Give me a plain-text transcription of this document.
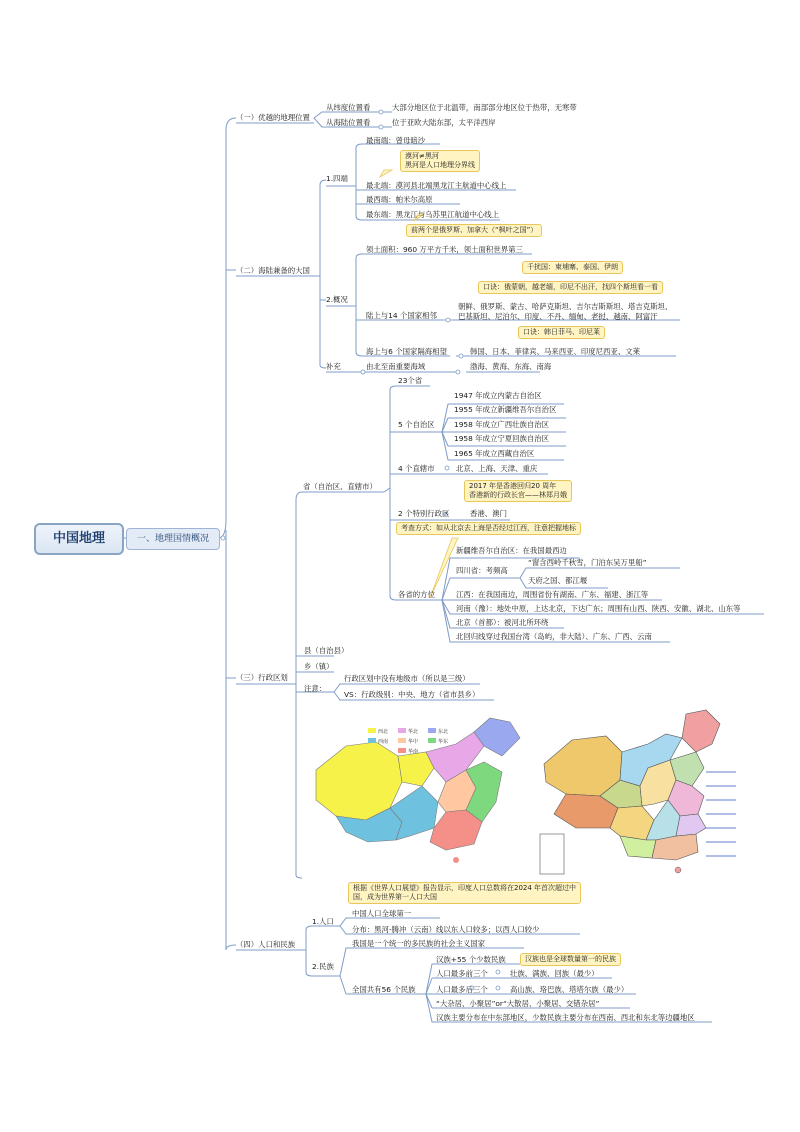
中国地理	一、地理国情概况
（一）优越的地理位置
从纬度位置看	大部分地区位于北温带，南部部分地区位于热带，无寒带
从海陆位置看	位于亚欧大陆东部，太平洋西岸
（二）海陆兼备的大国
1.四端
最南端：曾母暗沙
漠河≠黑河
黑河是人口地理分界线
最北端：漠河县北端黑龙江主航道中心线上
最西端：帕米尔高原
最东端：黑龙江与乌苏里江航道中心线上
前两个是俄罗斯、加拿大（“枫叶之国”）
2.概况
领土面积：960 万平方千米，领土面积世界第三
千扰国：柬埔寨、泰国、伊朗
口诀：俄蒙朝，越老缅，印尼不出汗，找四个斯坦看一看
陆上与14 个国家相邻
朝鲜、俄罗斯、蒙古、哈萨克斯坦、吉尔吉斯斯坦、塔吉克斯坦、
巴基斯坦、尼泊尔、印度、不丹、缅甸、老挝、越南、阿富汗
口诀：韩日菲马、印尼莱
海上与6 个国家隔海相望	韩国、日本、菲律宾、马来西亚、印度尼西亚、文莱
补充	由北至南重要海域	渤海、黄海、东海、南海
（三）行政区划
省（自治区、直辖市）
23个省
5 个自治区
1947 年成立内蒙古自治区
1955 年成立新疆维吾尔自治区
1958 年成立广西壮族自治区
1958 年成立宁夏回族自治区
1965 年成立西藏自治区
4 个直辖市	北京、上海、天津、重庆
2017 年是香港回归20 周年
香港新的行政长官——林郑月娥
2 个特别行政区	香港、澳门
考查方式：如从北京去上海是否经过江西，注意把握地标
各省的方位
新疆维吾尔自治区：在我国最西边
四川省：考频高
“窗含西岭千秋雪，门泊东吴万里船”
天府之国、都江堰
江西：在我国南边，周围省份有湖南、广东、福建、浙江等
河南（豫）：地处中原，上达北京，下达广东；周围有山西、陕西、安徽、湖北、山东等
北京（首都）：被河北所环绕
北回归线穿过我国台湾（岛屿，非大陆）、广东、广西、云南
县（自治县）
乡（镇）
注意：
行政区划中没有地级市（所以是三级）
VS：行政级别：中央、地方（省市县乡）
西北	华北	东北
西南	华中	华东
华南
根据《世界人口展望》报告显示，印度人口总数将在2024 年首次超过中
国，成为世界第一人口大国
（四）人口和民族
1.人口
中国人口全球第一
分布：黑河-腾冲（云南）线以东人口较多；以西人口较少
2.民族
我国是一个统一的多民族的社会主义国家
全国共有56 个民族
汉族+55 个少数民族	汉族也是全球数量第一的民族
人口最多前三个	壮族、满族、回族（最少）
人口最多后三个	高山族、珞巴族、塔塔尔族（最少）
“大杂居、小聚居”or“大散居、小聚居、交错杂居”
汉族主要分布在中东部地区，少数民族主要分布在西南、西北和东北等边疆地区
